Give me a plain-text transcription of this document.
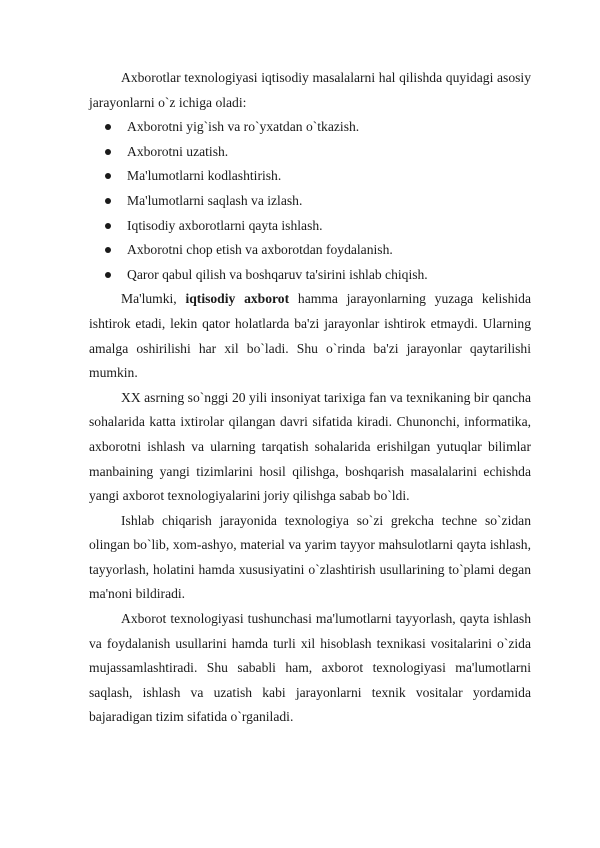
Axborotlar texnologiyasi iqtisodiy masalalarni hal qilishda quyidagi asosiy jarayonlarni o`z ichiga oladi:

Axborotni yig`ish va ro`yxatdan o`tkazish.
Axborotni uzatish.
Ma'lumotlarni kodlashtirish.
Ma'lumotlarni saqlash va izlash.
Iqtisodiy axborotlarni qayta ishlash.
Axborotni chop etish va axborotdan foydalanish.
Qaror qabul qilish va boshqaruv ta'sirini ishlab chiqish.

Ma'lumki, iqtisodiy axborot hamma jarayonlarning yuzaga kelishida ishtirok etadi, lekin qator holatlarda ba'zi jarayonlar ishtirok etmaydi. Ularning amalga oshirilishi har xil bo`ladi. Shu o`rinda ba'zi jarayonlar qaytarilishi mumkin.

XX asrning so`nggi 20 yili insoniyat tarixiga fan va texnikaning bir qancha sohalarida katta ixtirolar qilangan davri sifatida kiradi. Chunonchi, informatika, axborotni ishlash va ularning tarqatish sohalarida erishilgan yutuqlar bilimlar manbaining yangi tizimlarini hosil qilishga, boshqarish masalalarini echishda yangi axborot texnologiyalarini joriy qilishga sabab bo`ldi.

Ishlab chiqarish jarayonida texnologiya so`zi grekcha techne so`zidan olingan bo`lib, xom-ashyo, material va yarim tayyor mahsulotlarni qayta ishlash, tayyorlash, holatini hamda xususiyatini o`zlashtirish usullarining to`plami degan ma'noni bildiradi.

Axborot texnologiyasi tushunchasi ma'lumotlarni tayyorlash, qayta ishlash va foydalanish usullarini hamda turli xil hisoblash texnikasi vositalarini o`zida mujassamlashtiradi. Shu sababli ham, axborot texnologiyasi ma'lumotlarni saqlash, ishlash va uzatish kabi jarayonlarni texnik vositalar yordamida bajaradigan tizim sifatida o`rganiladi.
